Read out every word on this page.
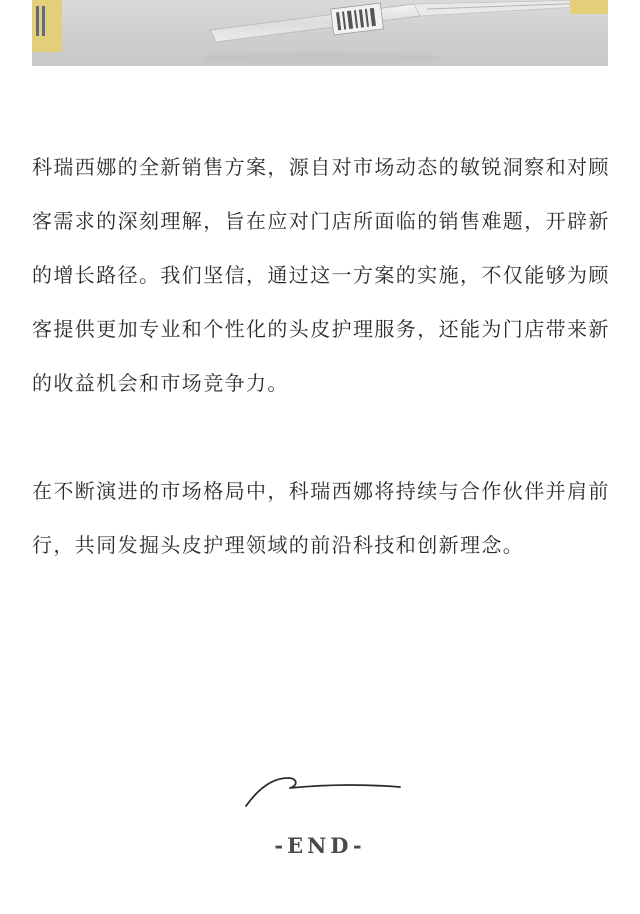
科瑞西娜的全新销售方案，源自对市场动态的敏锐洞察和对顾客需求的深刻理解，旨在应对门店所面临的销售难题，开辟新的增长路径。我们坚信，通过这一方案的实施，不仅能够为顾客提供更加专业和个性化的头皮护理服务，还能为门店带来新的收益机会和市场竞争力。

在不断演进的市场格局中，科瑞西娜将持续与合作伙伴并肩前行，共同发掘头皮护理领域的前沿科技和创新理念。

-END-
